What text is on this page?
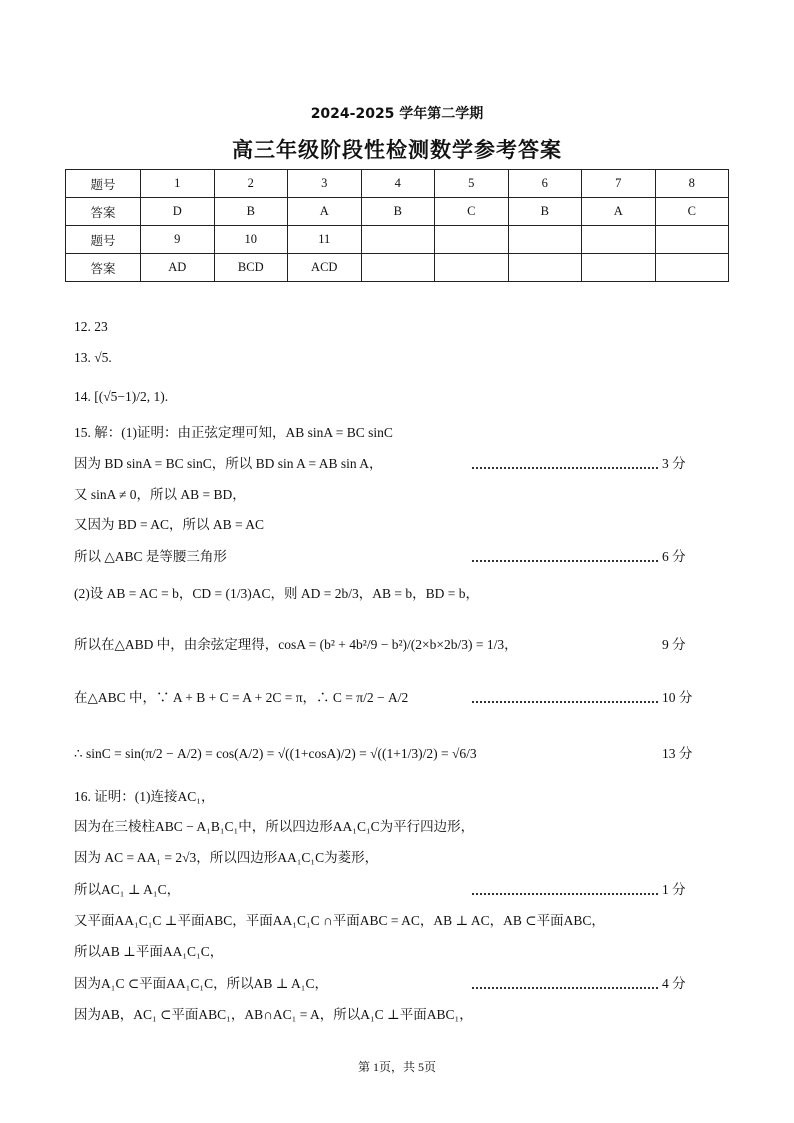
2024-2025 学年第二学期
高三年级阶段性检测数学参考答案
题号	1	2	3	4	5	6	7	8
答案	D	B	A	B	C	B	A	C
题号	9	10	11					
答案	AD	BCD	ACD					
12. 23
13. √5.
14. [(√5−1)/2, 1).
15. 解：(1)证明：由正弦定理可知，AB sinA = BC sinC
因为 BD sinA = BC sinC，所以 BD sin A = AB sin A，	3 分
又 sinA ≠ 0，所以 AB = BD，
又因为 BD = AC，所以 AB = AC
所以 △ABC 是等腰三角形	6 分
(2)设 AB = AC = b，CD = (1/3)AC，则 AD = 2b/3，AB = b，BD = b，
所以在△ABD 中，由余弦定理得，cosA = (b² + 4b²/9 − b²)/(2×b×2b/3) = 1/3，	9 分
在△ABC 中，∵ A + B + C = A + 2C = π，∴ C = π/2 − A/2	10 分
∴ sinC = sin(π/2 − A/2) = cos(A/2) = √((1+cosA)/2) = √((1+1/3)/2) = √6/3	13 分
16. 证明：(1)连接AC₁，
因为在三棱柱ABC − A₁B₁C₁中，所以四边形AA₁C₁C为平行四边形，
因为 AC = AA₁ = 2√3，所以四边形AA₁C₁C为菱形，
所以AC₁ ⊥ A₁C，	1 分
又平面AA₁C₁C ⊥平面ABC，平面AA₁C₁C ∩平面ABC = AC，AB ⊥ AC，AB ⊂平面ABC，
所以AB ⊥平面AA₁C₁C，
因为A₁C ⊂平面AA₁C₁C，所以AB ⊥ A₁C，	4 分
因为AB，AC₁ ⊂平面ABC₁，AB∩AC₁ = A，所以A₁C ⊥平面ABC₁，
第 1页，共 5页
